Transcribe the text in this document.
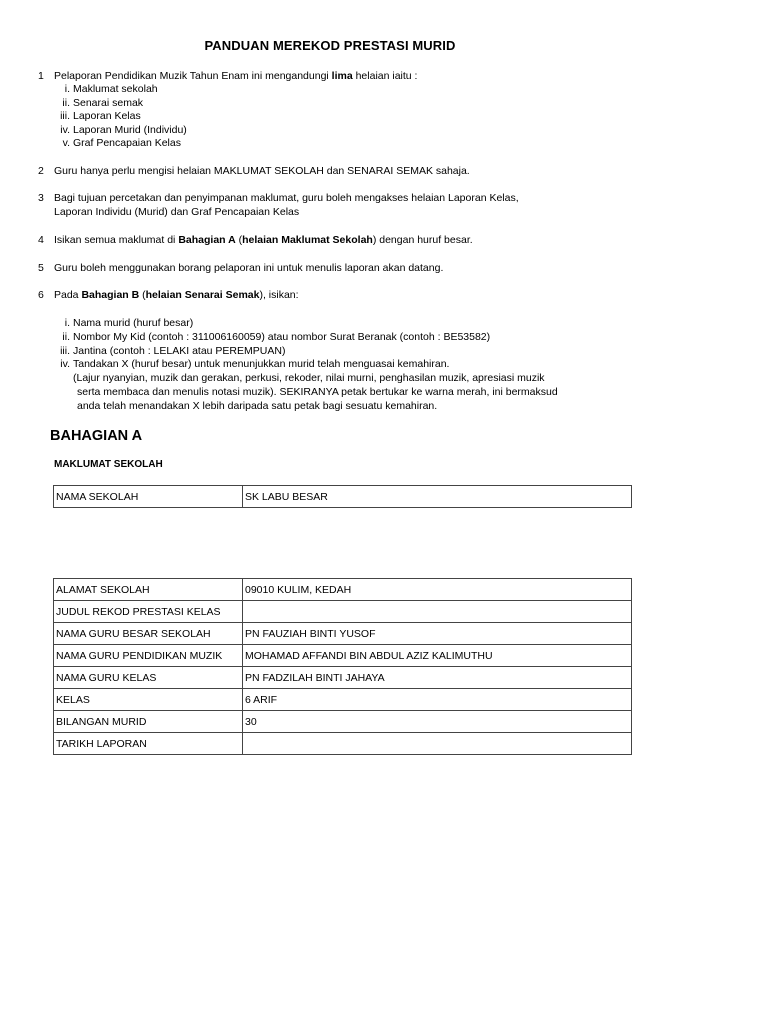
PANDUAN MEREKOD PRESTASI MURID
1 Pelaporan Pendidikan Muzik Tahun Enam ini mengandungi lima helaian iaitu :
i. Maklumat sekolah
ii. Senarai semak
iii. Laporan Kelas
iv. Laporan Murid (Individu)
v. Graf Pencapaian Kelas
2 Guru hanya perlu mengisi helaian MAKLUMAT SEKOLAH dan SENARAI SEMAK sahaja.
3 Bagi tujuan percetakan dan penyimpanan maklumat, guru boleh mengakses helaian Laporan Kelas,
Laporan Individu (Murid) dan Graf Pencapaian Kelas
4 Isikan semua maklumat di Bahagian A (helaian Maklumat Sekolah) dengan huruf besar.
5 Guru boleh menggunakan borang pelaporan ini untuk menulis laporan akan datang.
6 Pada Bahagian B (helaian Senarai Semak), isikan:
i. Nama murid (huruf besar)
ii. Nombor My Kid (contoh : 311006160059) atau nombor Surat Beranak (contoh : BE53582)
iii. Jantina (contoh : LELAKI atau PEREMPUAN)
iv. Tandakan X (huruf besar) untuk menunjukkan murid telah menguasai kemahiran.
(Lajur nyanyian, muzik dan gerakan, perkusi, rekoder, nilai murni, penghasilan muzik, apresiasi muzik
serta membaca dan menulis notasi muzik). SEKIRANYA petak bertukar ke warna merah, ini bermaksud
anda telah menandakan X lebih daripada satu petak bagi sesuatu kemahiran.
BAHAGIAN A
MAKLUMAT SEKOLAH
NAMA SEKOLAH	SK LABU BESAR
ALAMAT SEKOLAH	09010 KULIM, KEDAH
JUDUL REKOD PRESTASI KELAS	
NAMA GURU BESAR SEKOLAH	PN FAUZIAH BINTI YUSOF
NAMA GURU PENDIDIKAN MUZIK	MOHAMAD AFFANDI BIN ABDUL AZIZ KALIMUTHU
NAMA GURU KELAS	PN FADZILAH BINTI JAHAYA
KELAS	6 ARIF
BILANGAN MURID	30
TARIKH LAPORAN	
